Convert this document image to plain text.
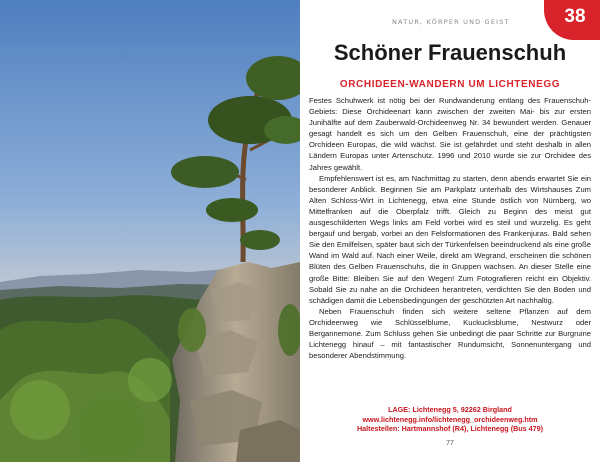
NATUR, KÖRPER UND GEIST	38
Schöner Frauenschuh
ORCHIDEEN-WANDERN UM LICHTENEGG

Festes Schuhwerk ist nötig bei der Rundwanderung entlang des Frauenschuh-Gebiets: Diese Orchideenart kann zwischen der zweiten Mai- bis zur ersten Junihälfte auf dem Zauberwald-Orchideenweg Nr. 34 bewundert werden. Genauer gesagt handelt es sich um den Gelben Frauenschuh, eine der prächtigsten Orchideen Europas, die wild wächst. Sie ist gefährdet und steht deshalb in allen Ländern Europas unter Artenschutz. 1996 und 2010 wurde sie zur Orchidee des Jahres gewählt.

Empfehlenswert ist es, am Nachmittag zu starten, denn abends erwartet Sie ein besonderer Anblick. Beginnen Sie am Parkplatz unterhalb des Wirtshauses Zum Alten Schloss-Wirt in Lichtenegg, etwa eine Stunde östlich von Nürnberg, wo Mittelfranken auf die Oberpfalz trifft. Gleich zu Beginn des meist gut ausgeschilderten Wegs links am Feld vorbei wird es steil und wurzelig. Es geht bergauf und bergab, vorbei an den Felsformationen des Frankenjuras. Bald sehen Sie den Emilfelsen, später baut sich der Türkenfelsen beeindruckend als eine große Wand im Wald auf. Nach einer Weile, direkt am Wegrand, erscheinen die schönen Blüten des Gelben Frauenschuhs, die in Gruppen wachsen. An dieser Stelle eine große Bitte: Bleiben Sie auf den Wegen! Zum Fotografieren reicht ein Objektiv. Sobald Sie zu nahe an die Orchideen herantreten, verdichten Sie den Boden und schädigen damit die Lebensbedingungen der geschützten Art nachhaltig.

Neben Frauenschuh finden sich weitere seltene Pflanzen auf dem Orchideenweg wie Schlüsselblume, Kuckucksblume, Nestwurz oder Bergannemone. Zum Schluss gehen Sie unbedingt die paar Schritte zur Burgruine Lichtenegg hinauf – mit fantastischer Rundumsicht, Sonnenuntergang und besonderer Abendstimmung.

LAGE: Lichtenegg 5, 92262 Birgland
www.lichtenegg.info/lichtenegg_orchideenweg.htm
Haltestellen: Hartmannshof (R4), Lichtenegg (Bus 479)
77
